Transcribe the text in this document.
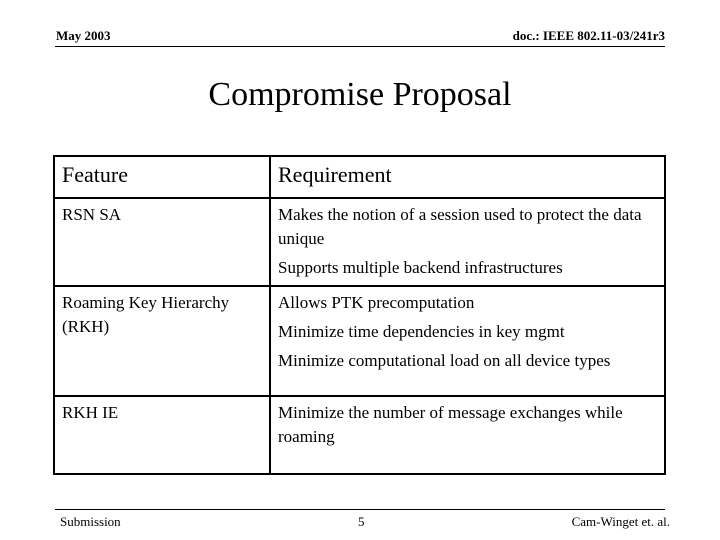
May 2003	doc.: IEEE 802.11-03/241r3
Compromise Proposal
Feature	Requirement
RSN SA	Makes the notion of a session used to protect the data unique
Supports multiple backend infrastructures

Roaming Key Hierarchy (RKH)	Allows PTK precomputation
Minimize time dependencies in key mgmt
Minimize computational load on all device types

RKH IE	Minimize the number of message exchanges while roaming
Submission	5	Cam-Winget et. al.
